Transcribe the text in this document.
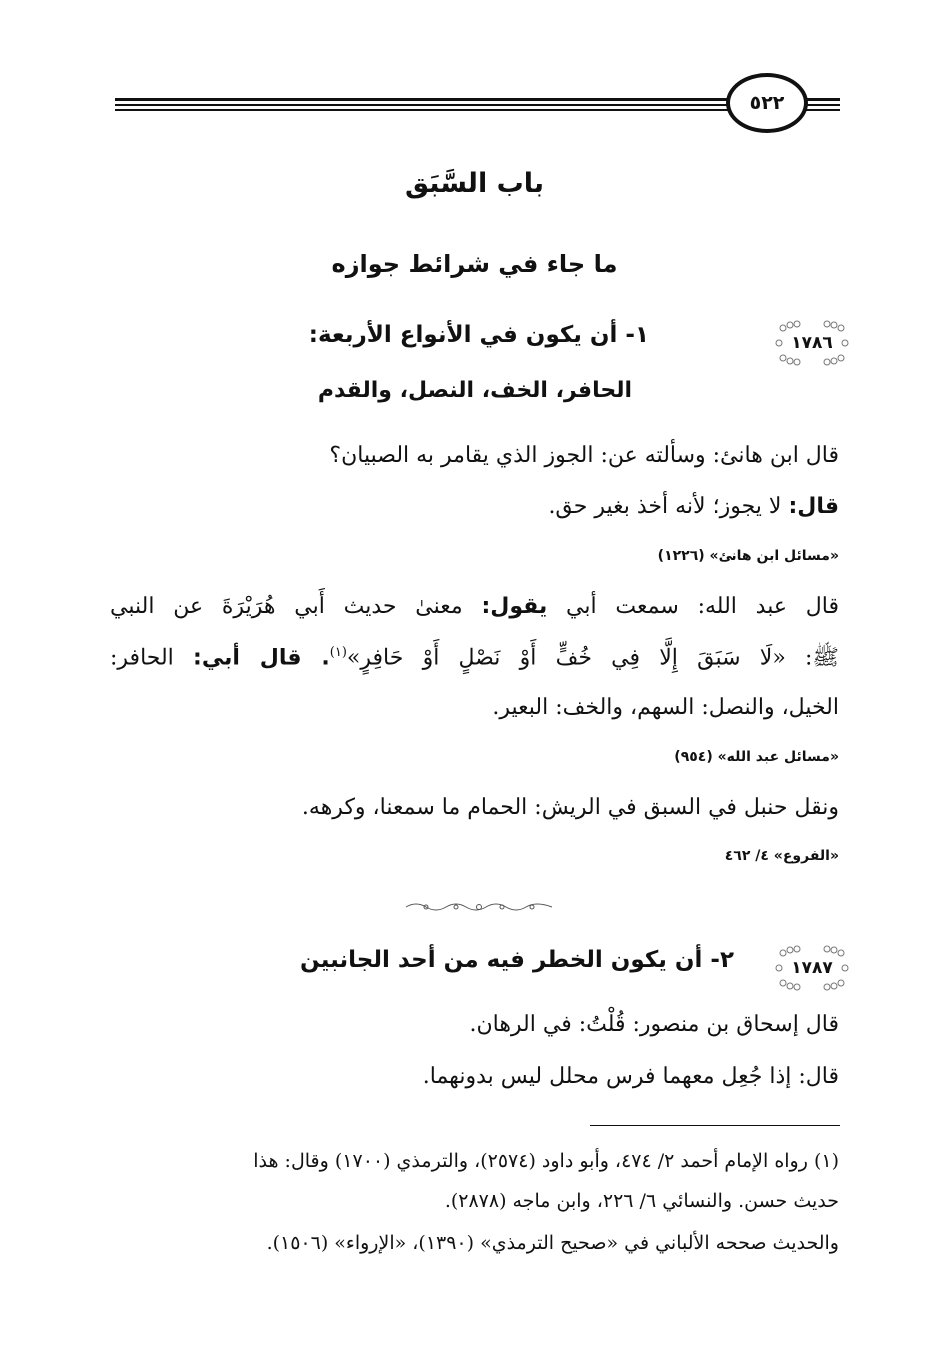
٥٢٢
باب السَّبَق
ما جاء في شرائط جوازه
١٧٨٦
١- أن يكون في الأنواع الأربعة:
الحافر، الخف، النصل، والقدم
قال ابن هانئ: وسألته عن: الجوز الذي يقامر به الصبيان؟
قال: لا يجوز؛ لأنه أخذ بغير حق.
«مسائل ابن هانئ» (١٢٢٦)
قال عبد الله: سمعت أبي يقول: معنىٰ حديث أَبي هُرَيْرَةَ عن النبي
ﷺ: «لَا سَبَقَ إِلَّا فِي خُفٍّ أَوْ نَصْلٍ أَوْ حَافِرٍ»$^{(١)}$. قال أبي: الحافر:
الخيل، والنصل: السهم، والخف: البعير.
«مسائل عبد الله» (٩٥٤)
ونقل حنبل في السبق في الريش: الحمام ما سمعنا، وكرهه.
«الفروع» ٤/ ٤٦٢
١٧٨٧
٢- أن يكون الخطر فيه من أحد الجانبين
قال إسحاق بن منصور: قُلْتُ: في الرهان.
قال: إذا جُعِل معهما فرس محلل ليس بدونهما.
(١) رواه الإمام أحمد ٢/ ٤٧٤، وأبو داود (٢٥٧٤)، والترمذي (١٧٠٠) وقال: هذا
حديث حسن. والنسائي ٦/ ٢٢٦، وابن ماجه (٢٨٧٨).
والحديث صححه الألباني في «صحيح الترمذي» (١٣٩٠)، «الإرواء» (١٥٠٦).
